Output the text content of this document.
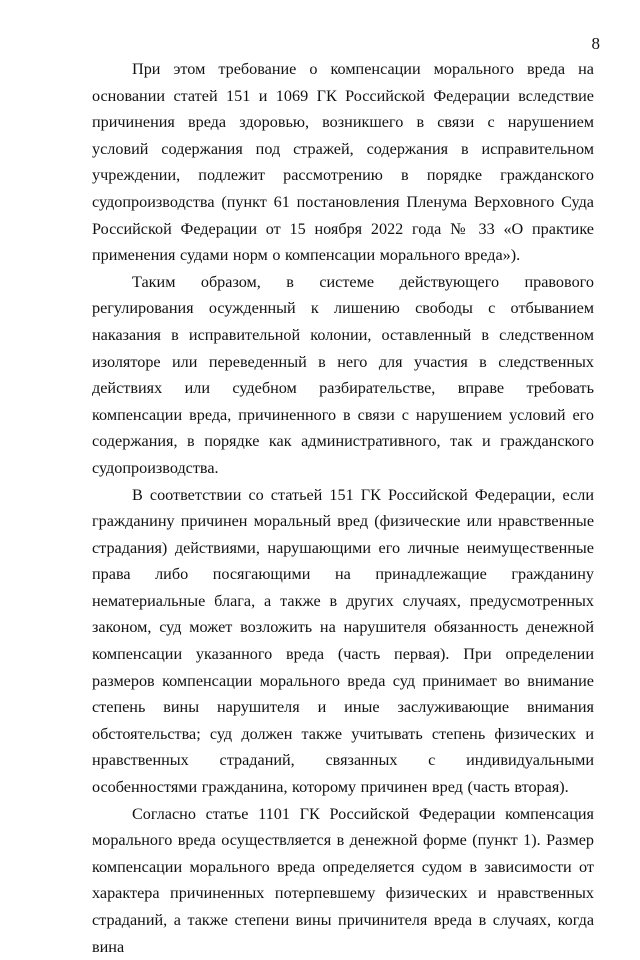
8

При этом требование о компенсации морального вреда на основании статей 151 и 1069 ГК Российской Федерации вследствие причинения вреда здоровью, возникшего в связи с нарушением условий содержания под стражей, содержания в исправительном учреждении, подлежит рассмотрению в порядке гражданского судопроизводства (пункт 61 постановления Пленума Верховного Суда Российской Федерации от 15 ноября 2022 года № 33 «О практике применения судами норм о компенсации морального вреда»).

Таким образом, в системе действующего правового регулирования осужденный к лишению свободы с отбыванием наказания в исправительной колонии, оставленный в следственном изоляторе или переведенный в него для участия в следственных действиях или судебном разбирательстве, вправе требовать компенсации вреда, причиненного в связи с нарушением условий его содержания, в порядке как административного, так и гражданского судопроизводства.

В соответствии со статьей 151 ГК Российской Федерации, если гражданину причинен моральный вред (физические или нравственные страдания) действиями, нарушающими его личные неимущественные права либо посягающими на принадлежащие гражданину нематериальные блага, а также в других случаях, предусмотренных законом, суд может возложить на нарушителя обязанность денежной компенсации указанного вреда (часть первая). При определении размеров компенсации морального вреда суд принимает во внимание степень вины нарушителя и иные заслуживающие внимания обстоятельства; суд должен также учитывать степень физических и нравственных страданий, связанных с индивидуальными особенностями гражданина, которому причинен вред (часть вторая).

Согласно статье 1101 ГК Российской Федерации компенсация морального вреда осуществляется в денежной форме (пункт 1). Размер компенсации морального вреда определяется судом в зависимости от характера причиненных потерпевшему физических и нравственных страданий, а также степени вины причинителя вреда в случаях, когда вина
